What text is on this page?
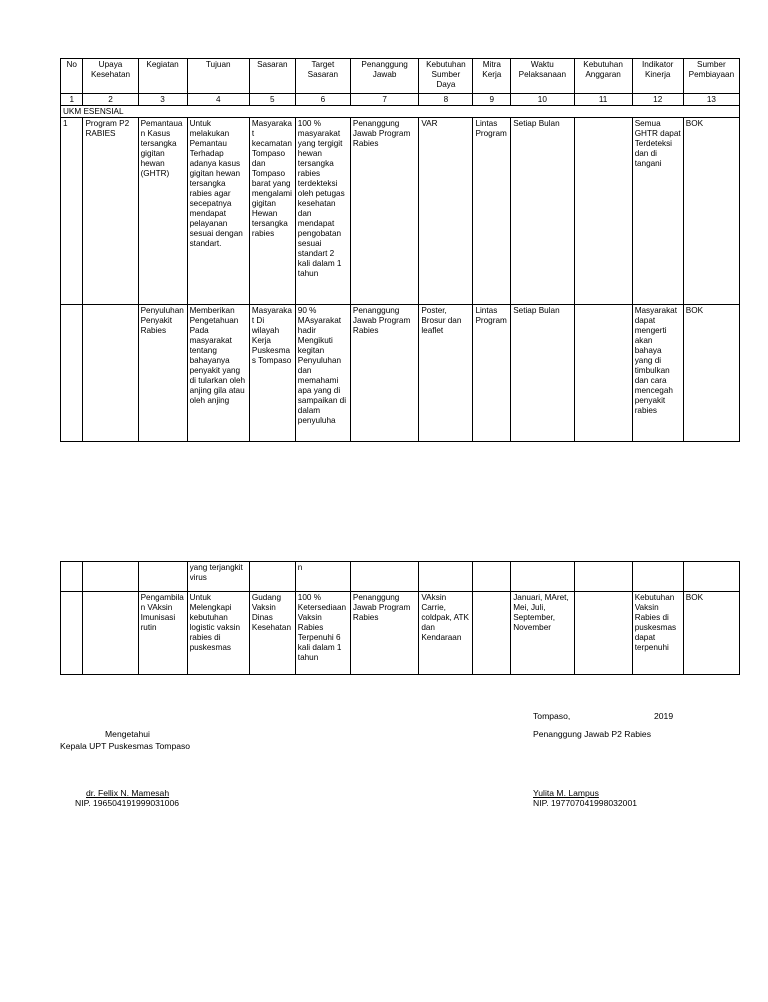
No	Upaya Kesehatan	Kegiatan	Tujuan	Sasaran	Target Sasaran	Penanggung Jawab	Kebutuhan Sumber Daya	Mitra Kerja	Waktu Pelaksanaan	Kebutuhan Anggaran	Indikator Kinerja	Sumber Pembiayaan
1	2	3	4	5	6	7	8	9	10	11	12	13
UKM ESENSIAL												

1	Program P2 RABIES	Pemantauan Kasus tersangka gigitan hewan (GHTR)	Untuk melakukan Pemantau Terhadap adanya kasus gigitan hewan tersangka rabies agar secepatnya mendapat pelayanan sesuai dengan standart.	Masyarakat kecamatan Tompaso dan Tompaso barat yang mengalami gigitan Hewan tersangka rabies	100 % masyarakat yang tergigit hewan tersangka rabies terdekteksi oleh petugas kesehatan dan mendapat pengobatan sesuai standart 2 kali dalam 1 tahun	Penanggung Jawab Program Rabies	VAR	Lintas Program	Setiap Bulan		Semua GHTR dapat Terdeteksi dan di tangani	BOK

		Penyuluhan Penyakit Rabies	Memberikan Pengetahuan Pada masyarakat tentang bahayanya penyakit yang di tularkan oleh anjing gila atau oleh anjing	Masyarakat Di wilayah Kerja Puskesmas Tompaso	90 % MAsyarakat hadir Mengikuti kegitan Penyuluhan dan memahami apa yang di sampaikan di dalam penyuluha	Penanggung Jawab Program Rabies	Poster, Brosur dan leaflet	Lintas Program	Setiap Bulan		Masyarakat dapat mengerti akan bahaya yang di timbulkan dan cara mencegah penyakit rabies	BOK

			yang terjangkit virus		n							

		Pengambilan VAksin Imunisasi rutin	Untuk Melengkapi kebutuhan logistic vaksin rabies di puskesmas	Gudang Vaksin Dinas Kesehatan	100 % Ketersediaan Vaksin Rabies Terpenuhi 6 kali dalam 1 tahun	Penanggung Jawab Program Rabies	VAksin Carrie, coldpak, ATK dan Kendaraan		Januari, MAret, Mei, Juli, September, November		Kebutuhan Vaksin Rabies di puskesmas dapat terpenuhi	BOK
Tompaso,	2019
Penanggung Jawab P2 Rabies
Mengetahui
Kepala UPT Puskesmas Tompaso
dr. Fellix N. Mamesah
NIP. 196504191999031006
Yulita M. Lampus
NIP. 197707041998032001
